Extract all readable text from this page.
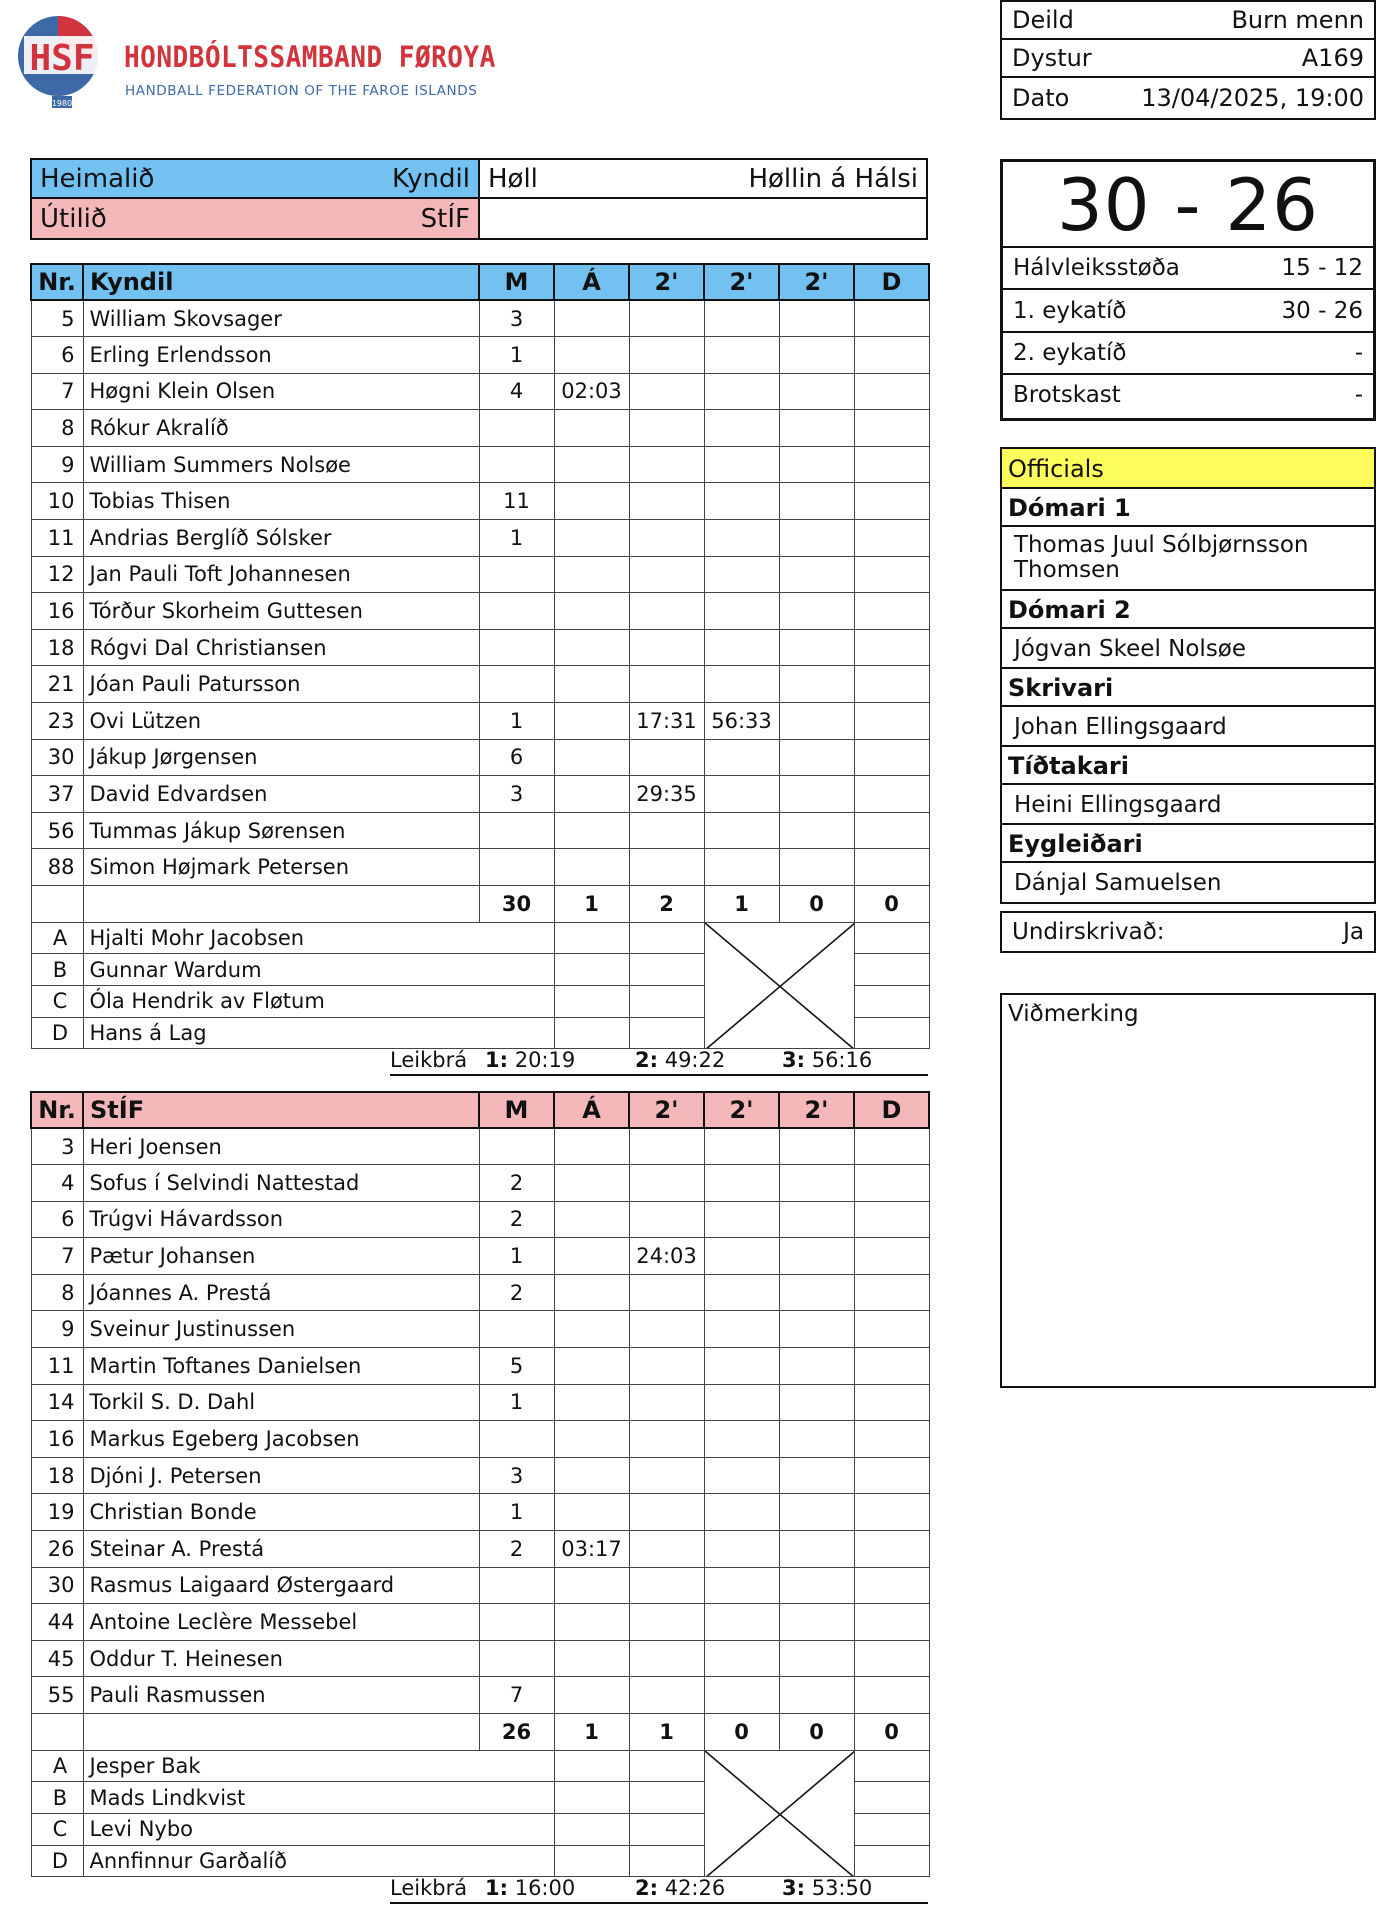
HSF
1980
HONDBÓLTSSAMBAND FØROYA
HANDBALL FEDERATION OF THE FAROE ISLANDS
Deild	Burn menn
Dystur	A169
Dato	13/04/2025, 19:00
Heimalið	Kyndil
Útilið	StÍF
Høll	Høllin á Hálsi
Nr.	Kyndil	M	Á	2'	2'	2'	D
5	William Skovsager	3					
6	Erling Erlendsson	1					
7	Høgni Klein Olsen	4	02:03				
8	Rókur Akralíð						
9	William Summers Nolsøe						
10	Tobias Thisen	11					
11	Andrias Berglíð Sólsker	1					
12	Jan Pauli Toft Johannesen						
16	Tórður Skorheim Guttesen						
18	Rógvi Dal Christiansen						
21	Jóan Pauli Patursson						
23	Ovi Lützen	1		17:31	56:33		
30	Jákup Jørgensen	6					
37	David Edvardsen	3		29:35			
56	Tummas Jákup Sørensen						
88	Simon Højmark Petersen						
		30	1	2	1	0	0
A	Hjalti Mohr Jacobsen			

B	Gunnar Wardum						
C	Óla Hendrik av Fløtum						
D	Hans á Lag						
Leikbrá 1: 20:19	2: 49:22	3: 56:16
Nr.	StÍF	M	Á	2'	2'	2'	D
3	Heri Joensen						
4	Sofus í Selvindi Nattestad	2					
6	Trúgvi Hávardsson	2					
7	Pætur Johansen	1		24:03			
8	Jóannes A. Prestá	2					
9	Sveinur Justinussen						
11	Martin Toftanes Danielsen	5					
14	Torkil S. D. Dahl	1					
16	Markus Egeberg Jacobsen						
18	Djóni J. Petersen	3					
19	Christian Bonde	1					
26	Steinar A. Prestá	2	03:17				
30	Rasmus Laigaard Østergaard						
44	Antoine Leclère Messebel						
45	Oddur T. Heinesen						
55	Pauli Rasmussen	7					
		26	1	1	0	0	0
A	Jesper Bak			

B	Mads Lindkvist						
C	Levi Nybo						
D	Annfinnur Garðalíð						
Leikbrá 1: 16:00	2: 42:26	3: 53:50
30 - 26
Hálvleiksstøða	15 - 12
1. eykatíð	30 - 26
2. eykatíð	-
Brotskast	-
Officials
Dómari 1
Thomas Juul Sólbjørnsson
Thomsen
Dómari 2
Jógvan Skeel Nolsøe
Skrivari
Johan Ellingsgaard
Tíðtakari
Heini Ellingsgaard
Eygleiðari
Dánjal Samuelsen
Undirskrivað:	Ja
Viðmerking
